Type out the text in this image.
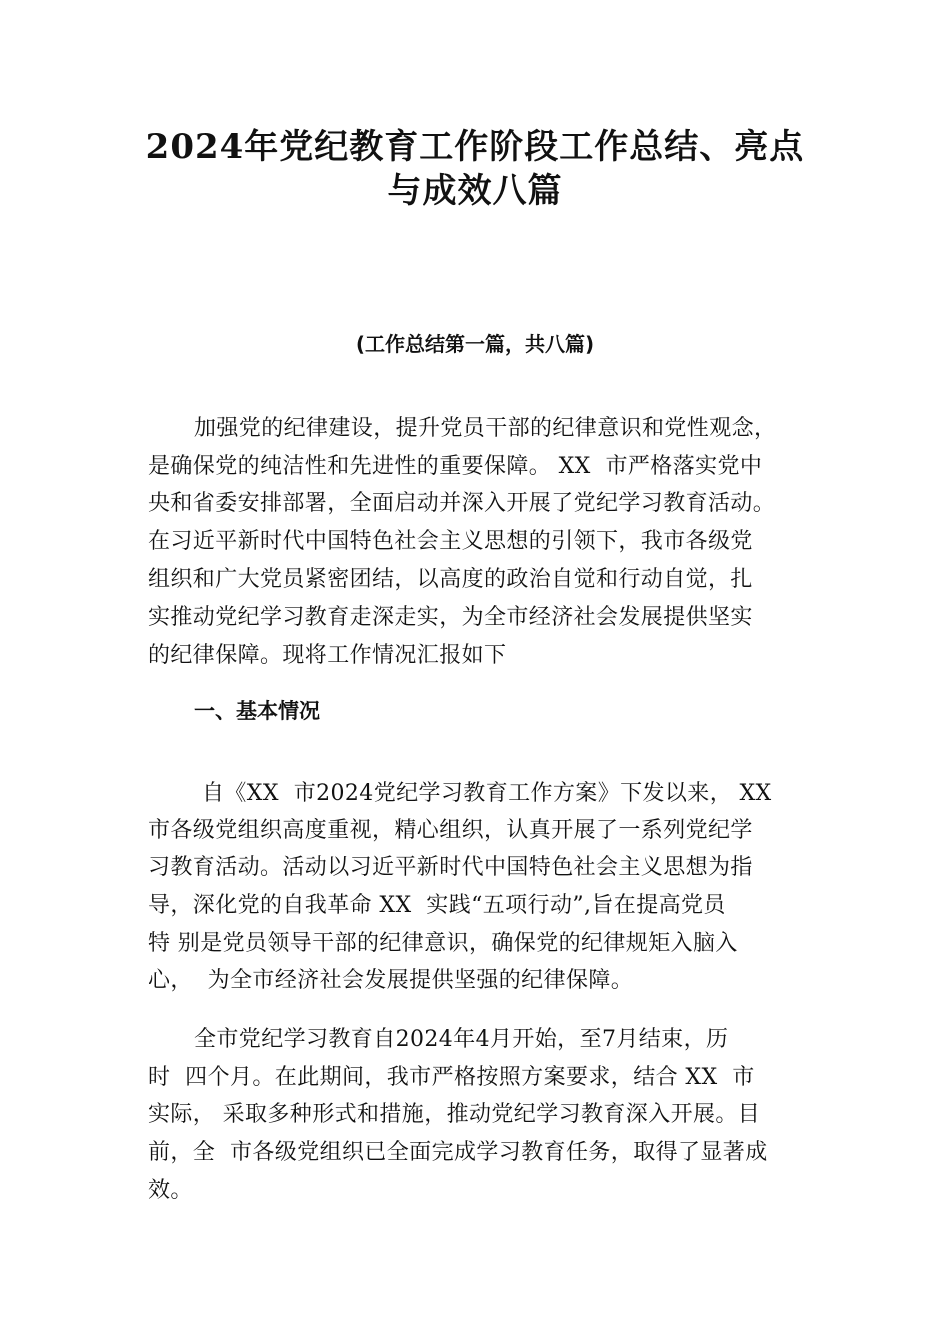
2024年党纪教育工作阶段工作总结、亮点
与成效八篇
(工作总结第一篇，共八篇)
加强党的纪律建设，提升党员干部的纪律意识和党性观念，
是确保党的纯洁性和先进性的重要保障。 XX  市严格落实党中
央和省委安排部署，全面启动并深入开展了党纪学习教育活动。
在习近平新时代中国特色社会主义思想的引领下，我市各级党
组织和广大党员紧密团结，以高度的政治自觉和行动自觉，扎
实推动党纪学习教育走深走实，为全市经济社会发展提供坚实
的纪律保障。现将工作情况汇报如下
一、基本情况
自《XX  市2024党纪学习教育工作方案》下发以来， XX
市各级党组织高度重视，精心组织，认真开展了一系列党纪学
习教育活动。活动以习近平新时代中国特色社会主义思想为指
导，深化党的自我革命 XX  实践“五项行动”,旨在提高党员
特 别是党员领导干部的纪律意识，确保党的纪律规矩入脑入
心，  为全市经济社会发展提供坚强的纪律保障。
全市党纪学习教育自2024年4月开始，至7月结束，历
时  四个月。在此期间，我市严格按照方案要求，结合 XX  市
实际， 采取多种形式和措施，推动党纪学习教育深入开展。目
前，全  市各级党组织已全面完成学习教育任务，取得了显著成
效。
